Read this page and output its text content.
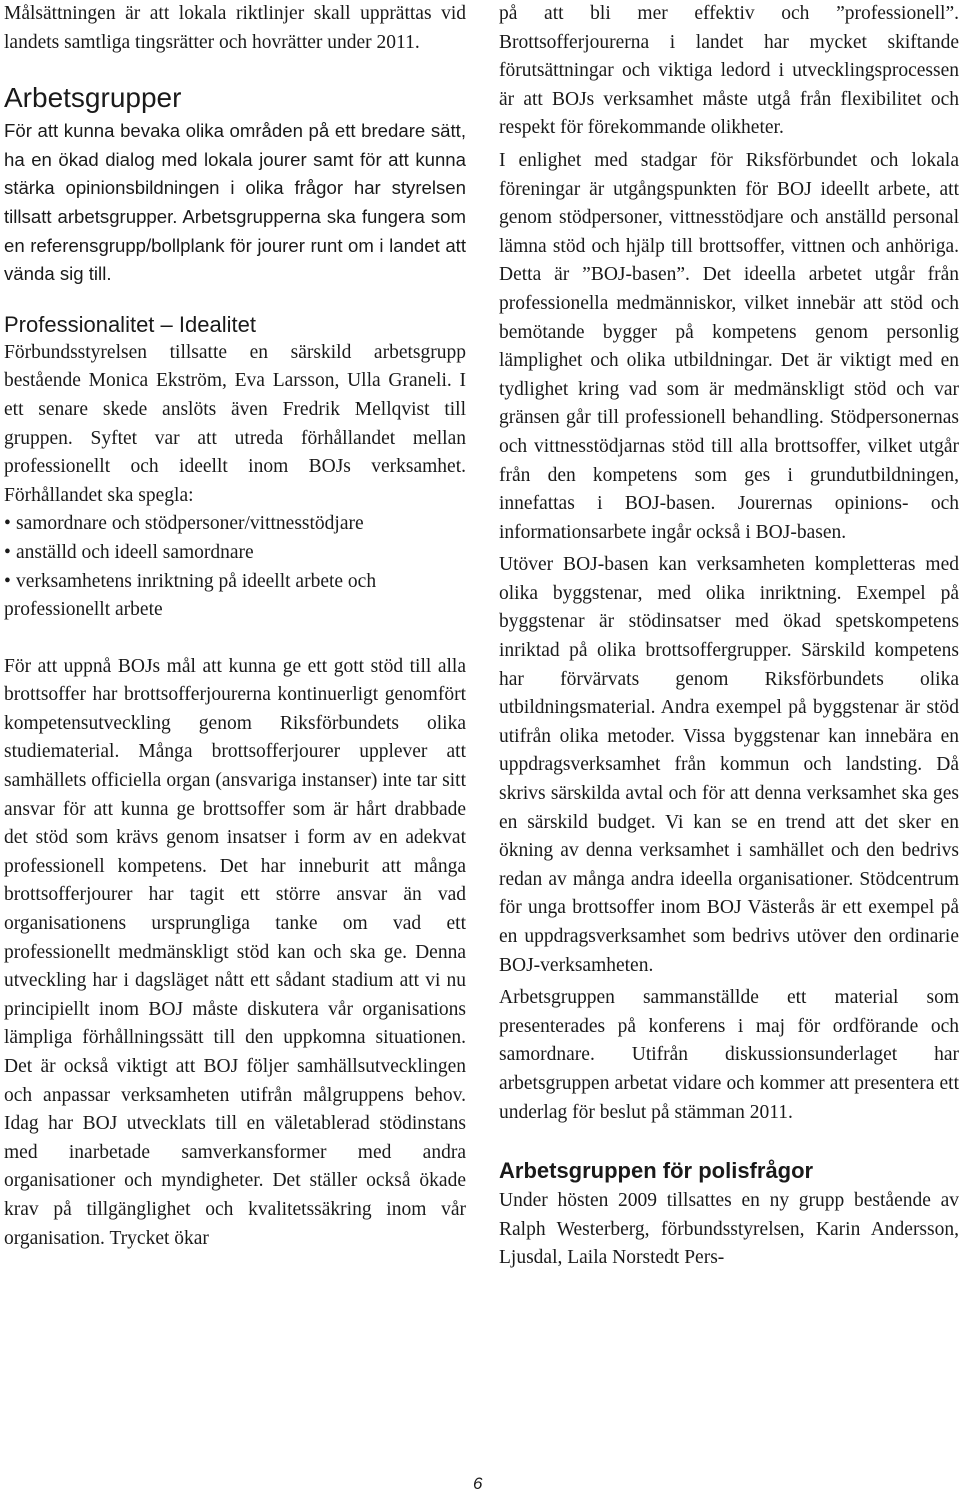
Målsättningen är att lokala riktlinjer skall upprättas vid landets samtliga tingsrätter och hovrätter under 2011.

Arbetsgrupper

För att kunna bevaka olika områden på ett bredare sätt, ha en ökad dialog med lokala jourer samt för att kunna stärka opinionsbildningen i olika frågor har styrelsen tillsatt arbetsgrupper. Arbetsgrupperna ska fungera som en referensgrupp/bollplank för jourer runt om i landet att vända sig till.

Professionalitet – Idealitet

Förbundsstyrelsen tillsatte en särskild arbetsgrupp bestående Monica Ekström, Eva Larsson, Ulla Graneli. I ett senare skede anslöts även Fredrik Mellqvist till gruppen. Syftet var att utreda förhållandet mellan professionellt och ideellt inom BOJs verksamhet. Förhållandet ska spegla:

• samordnare och stödpersoner/vittnesstödjare
• anställd och ideell samordnare
• verksamhetens inriktning på ideellt arbete och professionellt arbete

För att uppnå BOJs mål att kunna ge ett gott stöd till alla brottsoffer har brottsofferjourerna kontinuerligt genomfört kompetensutveckling genom Riksförbundets olika studiematerial. Många brottsofferjourer upplever att samhällets officiella organ (ansvariga instanser) inte tar sitt ansvar för att kunna ge brottsoffer som är hårt drabbade det stöd som krävs genom insatser i form av en adekvat professionell kompetens. Det har inneburit att många brottsofferjourer har tagit ett större ansvar än vad organisationens ursprungliga tanke om vad ett professionellt medmänskligt stöd kan och ska ge. Denna utveckling har i dagsläget nått ett sådant stadium att vi nu principiellt inom BOJ måste diskutera vår organisations lämpliga förhållningssätt till den uppkomna situationen. Det är också viktigt att BOJ följer samhällsutvecklingen och anpassar verksamheten utifrån målgruppens behov. Idag har BOJ utvecklats till en väletablerad stödinstans med inarbetade samverkansformer med andra organisationer och myndigheter. Det ställer också ökade krav på tillgänglighet och kvalitetssäkring inom vår organisation. Trycket ökar

på att bli mer effektiv och ”professionell”. Brottsofferjourerna i landet har mycket skiftande förutsättningar och viktiga ledord i utvecklingsprocessen är att BOJs verksamhet måste utgå från flexibilitet och respekt för förekommande olikheter.

I enlighet med stadgar för Riksförbundet och lokala föreningar är utgångspunkten för BOJ ideellt arbete, att genom stödpersoner, vittnesstödjare och anställd personal lämna stöd och hjälp till brottsoffer, vittnen och anhöriga. Detta är ”BOJ-basen”. Det ideella arbetet utgår från professionella medmänniskor, vilket innebär att stöd och bemötande bygger på kompetens genom personlig lämplighet och olika utbildningar. Det är viktigt med en tydlighet kring vad som är medmänskligt stöd och var gränsen går till professionell behandling. Stödpersonernas och vittnesstödjarnas stöd till alla brottsoffer, vilket utgår från den kompetens som ges i grundutbildningen, innefattas i BOJ-basen. Jourernas opinions- och informationsarbete ingår också i BOJ-basen.

Utöver BOJ-basen kan verksamheten kompletteras med olika byggstenar, med olika inriktning. Exempel på byggstenar är stödinsatser med ökad spetskompetens inriktad på olika brottsoffergrupper. Särskild kompetens har förvärvats genom Riksförbundets olika utbildningsmaterial. Andra exempel på byggstenar är stöd utifrån olika metoder. Vissa byggstenar kan innebära en uppdragsverksamhet från kommun och landsting. Då skrivs särskilda avtal och för att denna verksamhet ska ges en särskild budget. Vi kan se en trend att det sker en ökning av denna verksamhet i samhället och den bedrivs redan av många andra ideella organisationer. Stödcentrum för unga brottsoffer inom BOJ Västerås är ett exempel på en uppdragsverksamhet som bedrivs utöver den ordinarie BOJ-verksamheten.

Arbetsgruppen sammanställde ett material som presenterades på konferens i maj för ordförande och samordnare. Utifrån diskussionsunderlaget har arbetsgruppen arbetat vidare och kommer att presentera ett underlag för beslut på stämman 2011.

Arbetsgruppen för polisfrågor

Under hösten 2009 tillsattes en ny grupp bestående av Ralph Westerberg, förbundsstyrelsen, Karin Andersson, Ljusdal, Laila Norstedt Pers-

6
